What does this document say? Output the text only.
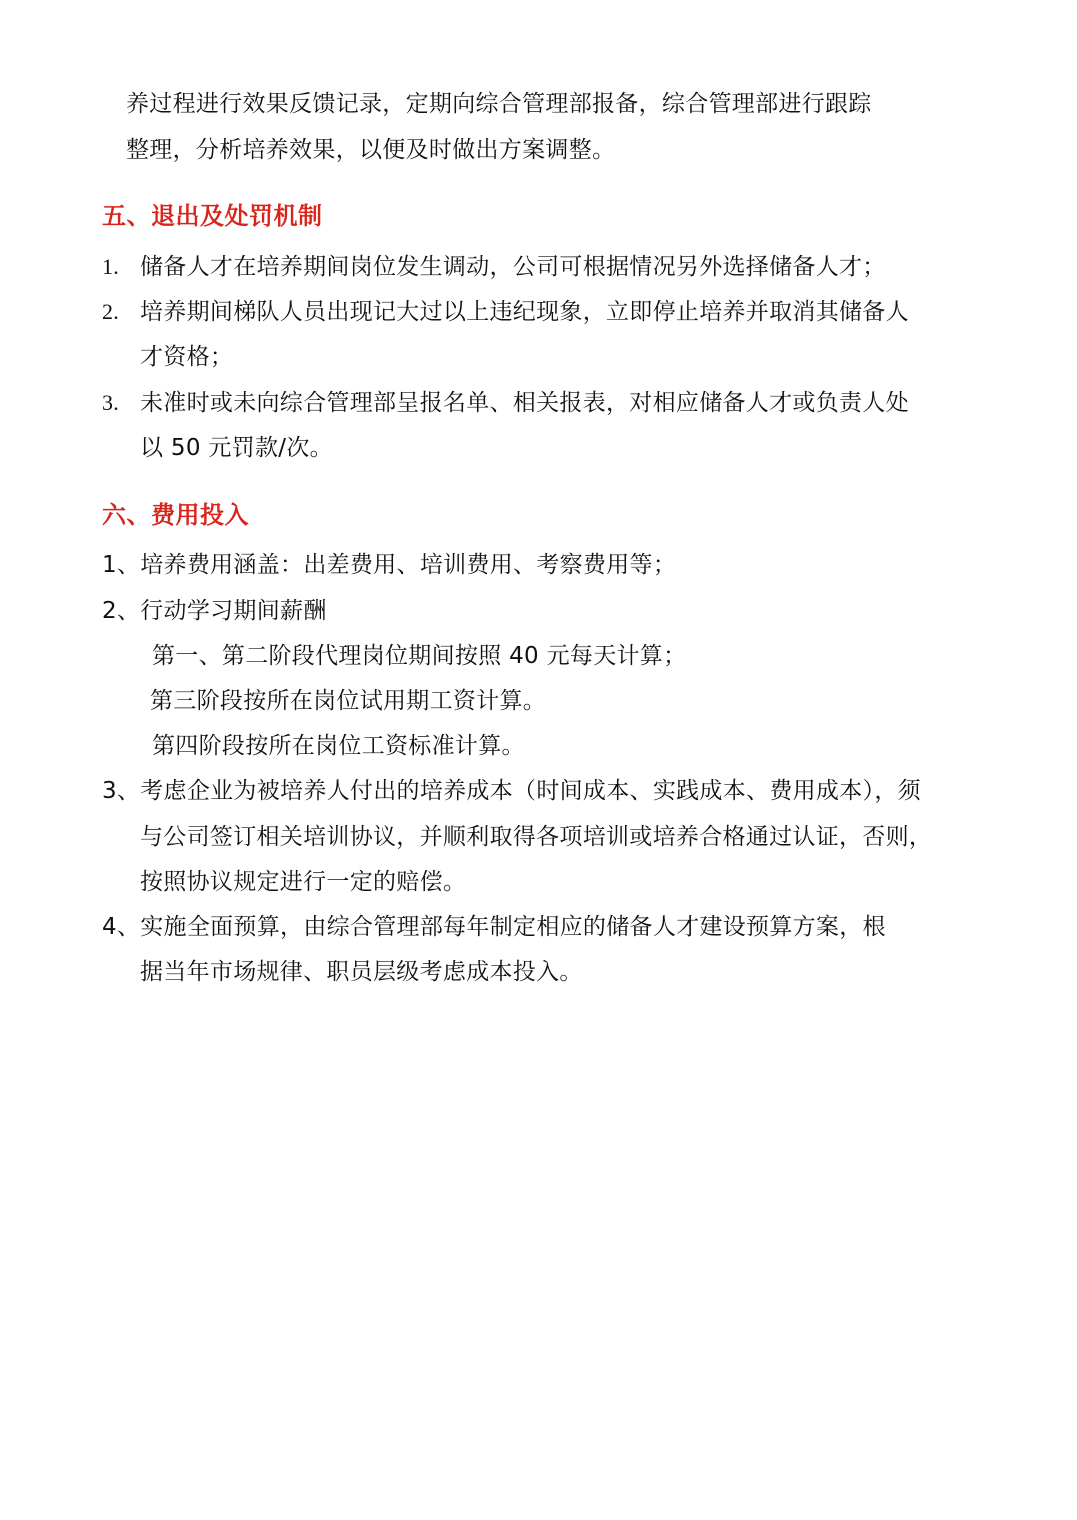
养过程进行效果反馈记录，定期向综合管理部报备，综合管理部进行跟踪
整理，分析培养效果，以便及时做出方案调整。
五、退出及处罚机制
1. 储备人才在培养期间岗位发生调动，公司可根据情况另外选择储备人才；
2. 培养期间梯队人员出现记大过以上违纪现象，立即停止培养并取消其储备人
才资格；
3. 未准时或未向综合管理部呈报名单、相关报表，对相应储备人才或负责人处
以 50 元罚款/次。
六、费用投入
1、培养费用涵盖：出差费用、培训费用、考察费用等；
2、行动学习期间薪酬
第一、第二阶段代理岗位期间按照 40 元每天计算；
第三阶段按所在岗位试用期工资计算。
第四阶段按所在岗位工资标准计算。
3、考虑企业为被培养人付出的培养成本（时间成本、实践成本、费用成本），须
与公司签订相关培训协议，并顺利取得各项培训或培养合格通过认证，否则，
按照协议规定进行一定的赔偿。
4、实施全面预算，由综合管理部每年制定相应的储备人才建设预算方案，根
据当年市场规律、职员层级考虑成本投入。
